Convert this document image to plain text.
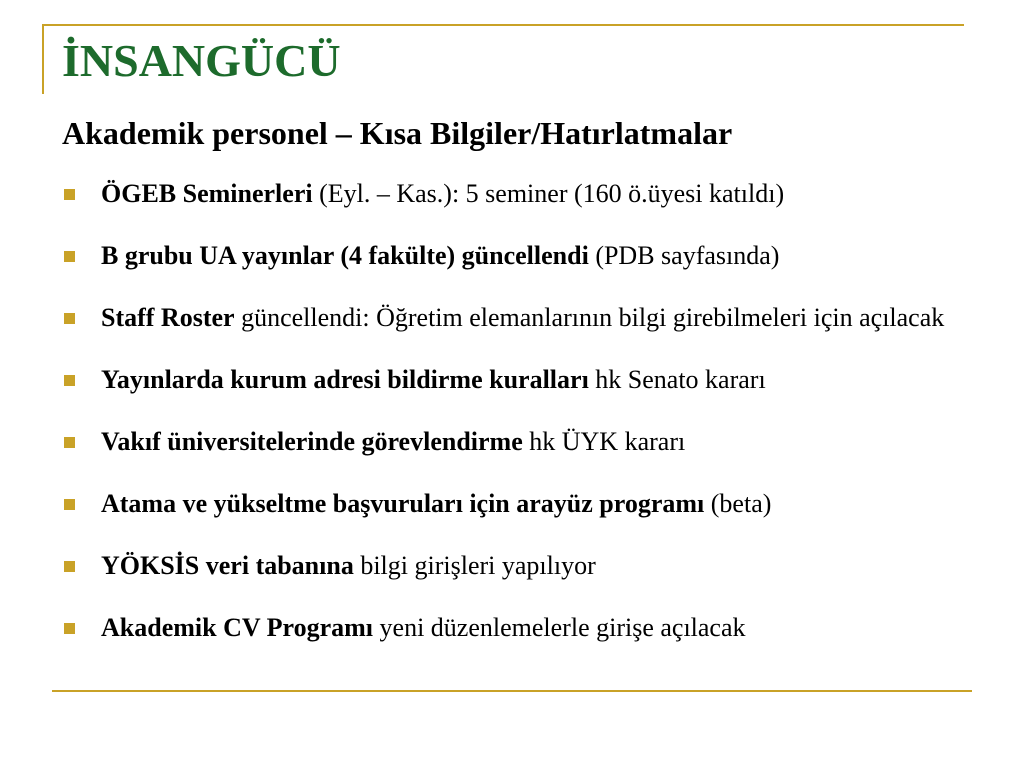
İNSANGÜCÜ
Akademik personel – Kısa Bilgiler/Hatırlatmalar
ÖGEB Seminerleri (Eyl. – Kas.): 5 seminer (160 ö.üyesi katıldı)
B grubu UA yayınlar (4 fakülte) güncellendi (PDB sayfasında)
Staff Roster güncellendi: Öğretim elemanlarının bilgi girebilmeleri için açılacak
Yayınlarda kurum adresi bildirme kuralları hk Senato kararı
Vakıf üniversitelerinde görevlendirme hk ÜYK kararı
Atama ve yükseltme başvuruları için arayüz programı (beta)
YÖKSİS veri tabanına bilgi girişleri yapılıyor
Akademik CV Programı yeni düzenlemelerle girişe açılacak
